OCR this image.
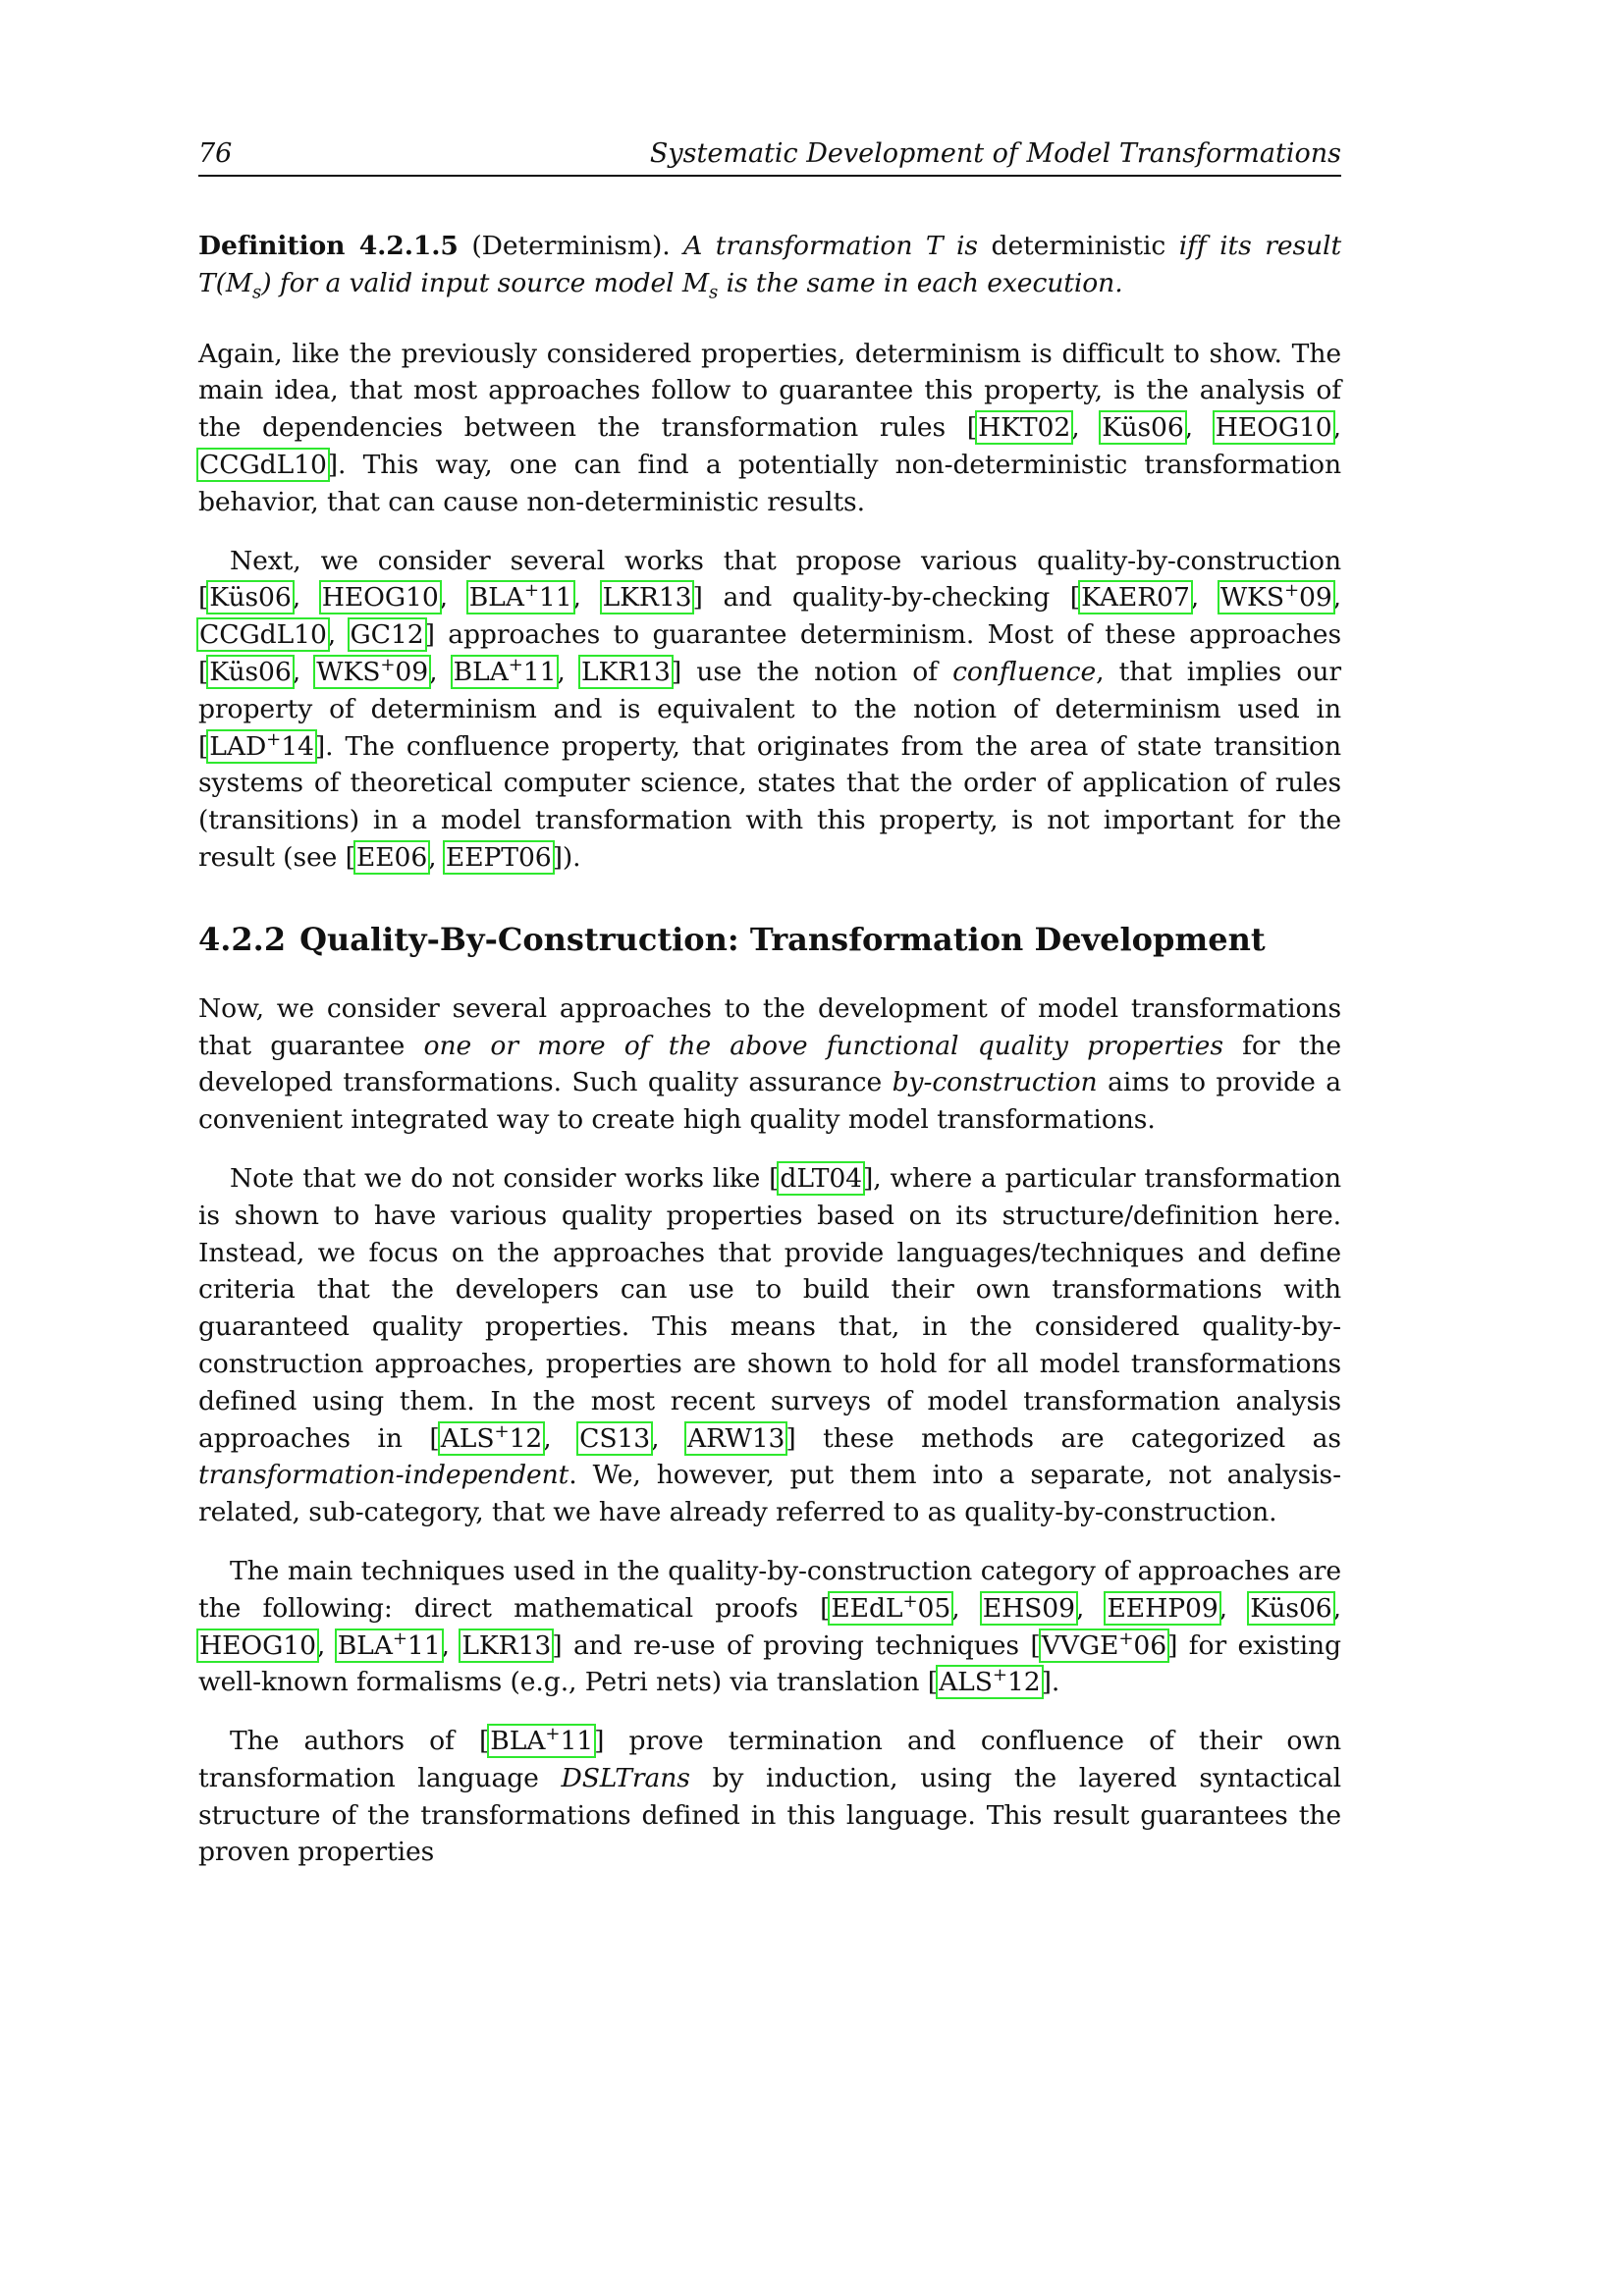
76	Systematic Development of Model Transformations

Definition 4.2.1.5 (Determinism). A transformation T is deterministic iff its result $T(M_s)$ for a valid input source model $M_s$ is the same in each execution.

Again, like the previously considered properties, determinism is difficult to show. The main idea, that most approaches follow to guarantee this property, is the analysis of the dependencies between the transformation rules [HKT02, Küs06, HEOG10, CCGdL10]. This way, one can find a potentially non-deterministic transformation behavior, that can cause non-deterministic results.

Next, we consider several works that propose various quality-by-construction [Küs06, HEOG10, BLA+11, LKR13] and quality-by-checking [KAER07, WKS+09, CCGdL10, GC12] approaches to guarantee determinism. Most of these approaches [Küs06, WKS+09, BLA+11, LKR13] use the notion of confluence, that implies our property of determinism and is equivalent to the notion of determinism used in [LAD+14]. The confluence property, that originates from the area of state transition systems of theoretical computer science, states that the order of application of rules (transitions) in a model transformation with this property, is not important for the result (see [EE06, EEPT06]).

4.2.2 Quality-By-Construction: Transformation Development

Now, we consider several approaches to the development of model transformations that guarantee one or more of the above functional quality properties for the developed transformations. Such quality assurance by-construction aims to provide a convenient integrated way to create high quality model transformations.

Note that we do not consider works like [dLT04], where a particular transformation is shown to have various quality properties based on its structure/definition here. Instead, we focus on the approaches that provide languages/techniques and define criteria that the developers can use to build their own transformations with guaranteed quality properties. This means that, in the considered quality-by-construction approaches, properties are shown to hold for all model transformations defined using them. In the most recent surveys of model transformation analysis approaches in [ALS+12, CS13, ARW13] these methods are categorized as transformation-independent. We, however, put them into a separate, not analysis-related, sub-category, that we have already referred to as quality-by-construction.

The main techniques used in the quality-by-construction category of approaches are the following: direct mathematical proofs [EEdL+05, EHS09, EEHP09, Küs06, HEOG10, BLA+11, LKR13] and re-use of proving techniques [VVGE+06] for existing well-known formalisms (e.g., Petri nets) via translation [ALS+12].

The authors of [BLA+11] prove termination and confluence of their own transformation language DSLTrans by induction, using the layered syntactical structure of the transformations defined in this language. This result guarantees the proven properties
